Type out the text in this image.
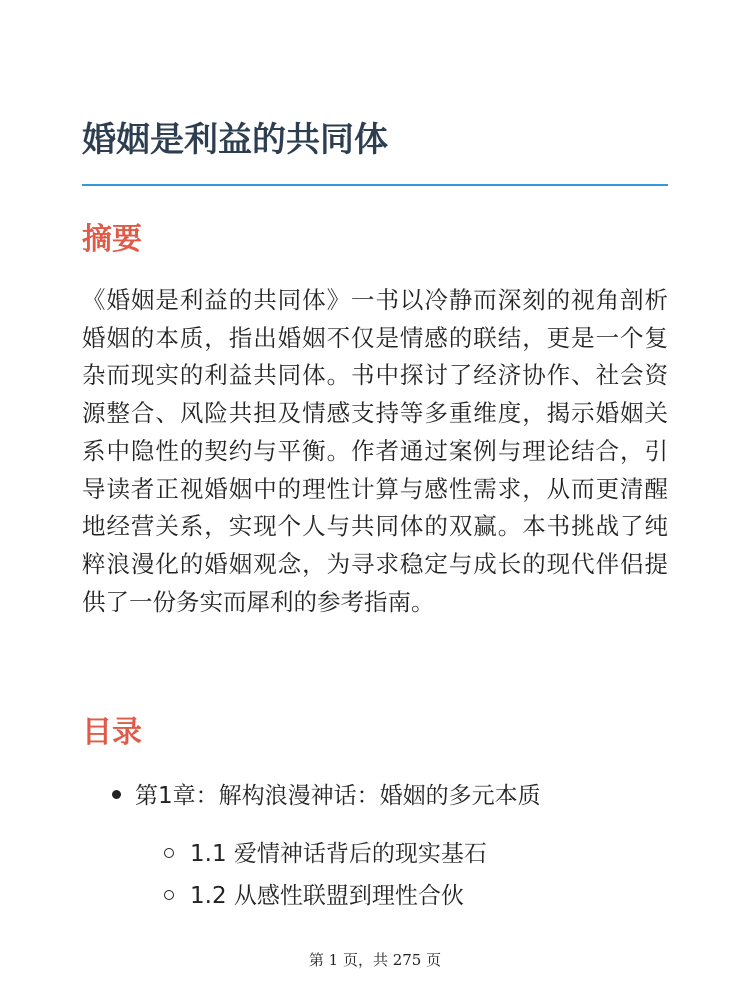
婚姻是利益的共同体
摘要

《婚姻是利益的共同体》一书以冷静而深刻的视角剖析婚姻的本质，指出婚姻不仅是情感的联结，更是一个复杂而现实的利益共同体。书中探讨了经济协作、社会资源整合、风险共担及情感支持等多重维度，揭示婚姻关系中隐性的契约与平衡。作者通过案例与理论结合，引导读者正视婚姻中的理性计算与感性需求，从而更清醒地经营关系，实现个人与共同体的双赢。本书挑战了纯粹浪漫化的婚姻观念，为寻求稳定与成长的现代伴侣提供了一份务实而犀利的参考指南。

目录
第1章：解构浪漫神话：婚姻的多元本质
1.1 爱情神话背后的现实基石
1.2 从感性联盟到理性合伙
第 1 页，共 275 页
